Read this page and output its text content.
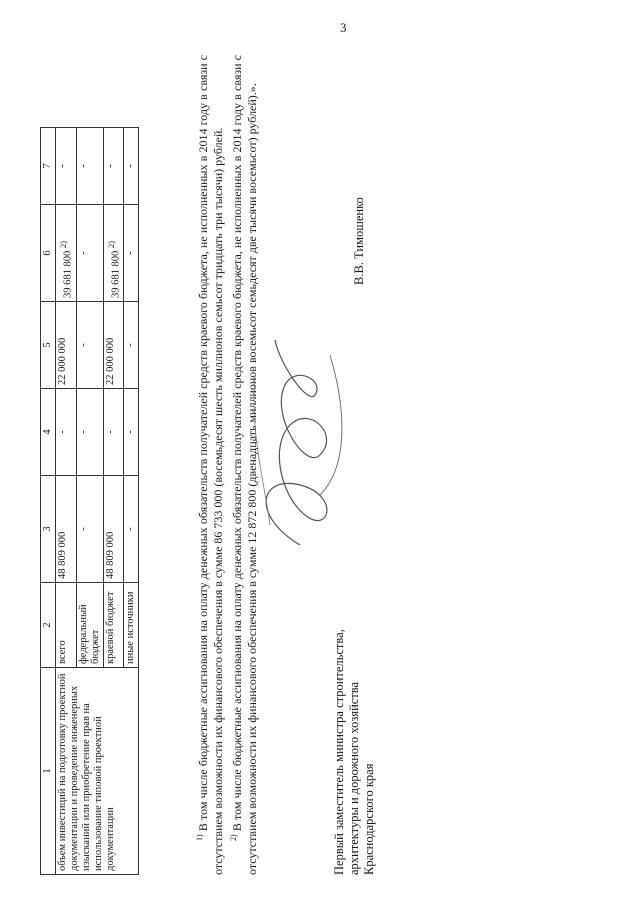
3
1	2	3	4	5	6	7
объем инвестиций на подготовку проектной документации и проведение инженерных изысканий или приобретение прав на использование типовой проектной документации	всего	48 809 000	-	22 000 000	39 681 800 $^{2)}$	-
	федеральный бюджет	-	-	-	-	-
	краевой бюджет	48 809 000	-	22 000 000	39 681 800 $^{2)}$	-
	иные источники	-	-	-	-	-

$^{1)}$ В том числе бюджетные ассигнования на оплату денежных обязательств получателей средств краевого бюджета, не исполненных в 2014 году в связи с отсутствием возможности их финансового обеспечения в сумме 86 733 000 (восемьдесят шесть миллионов семьсот тридцать три тысячи) рублей. $^{2)}$ В том числе бюджетные ассигнования на оплату денежных обязательств получателей средств краевого бюджета, не исполненных в 2014 году в связи с отсутствием возможности их финансового обеспечения в сумме 12 872 800 (двенадцать миллионов восемьсот семьдесят две тысячи восемьсот) рублей).».	Первый заместитель министра строительства, архитектуры и дорожного хозяйства Краснодарского края
В.В. Тимошенко
